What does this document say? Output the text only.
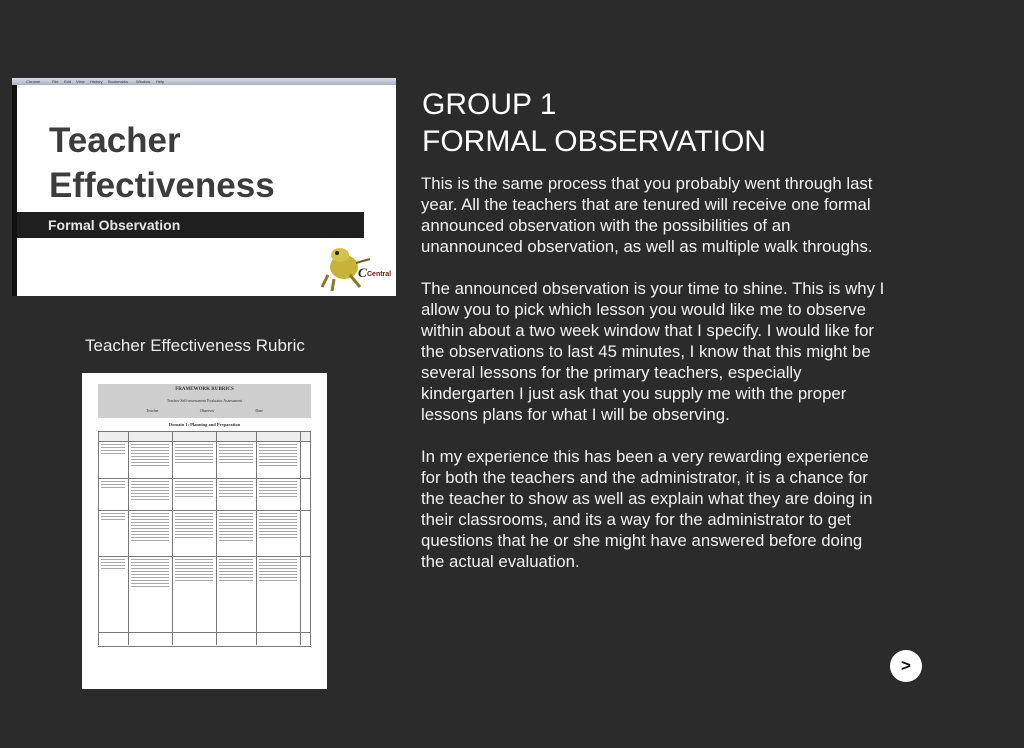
Chrome	File Edit View History Bookmarks Window Help
Teacher
Effectiveness
Formal Observation
C Central
Teacher Effectiveness Rubric
FRAMEWORK RUBRICS
Teacher Self-assessment Evaluator Assessment
Teacher	Observer	Date
Domain 1: Planning and Preparation
GROUP 1
FORMAL OBSERVATION

This is the same process that you probably went through last
year. All the teachers that are tenured will receive one formal
announced observation with the possibilities of an
unannounced observation, as well as multiple walk throughs.

The announced observation is your time to shine. This is why I
allow you to pick which lesson you would like me to observe
within about a two week window that I specify. I would like for
the observations to last 45 minutes, I know that this might be
several lessons for the primary teachers, especially
kindergarten I just ask that you supply me with the proper
lessons plans for what I will be observing.

In my experience this has been a very rewarding experience
for both the teachers and the administrator, it is a chance for
the teacher to show as well as explain what they are doing in
their classrooms, and its a way for the administrator to get
questions that he or she might have answered before doing
the actual evaluation.

>
